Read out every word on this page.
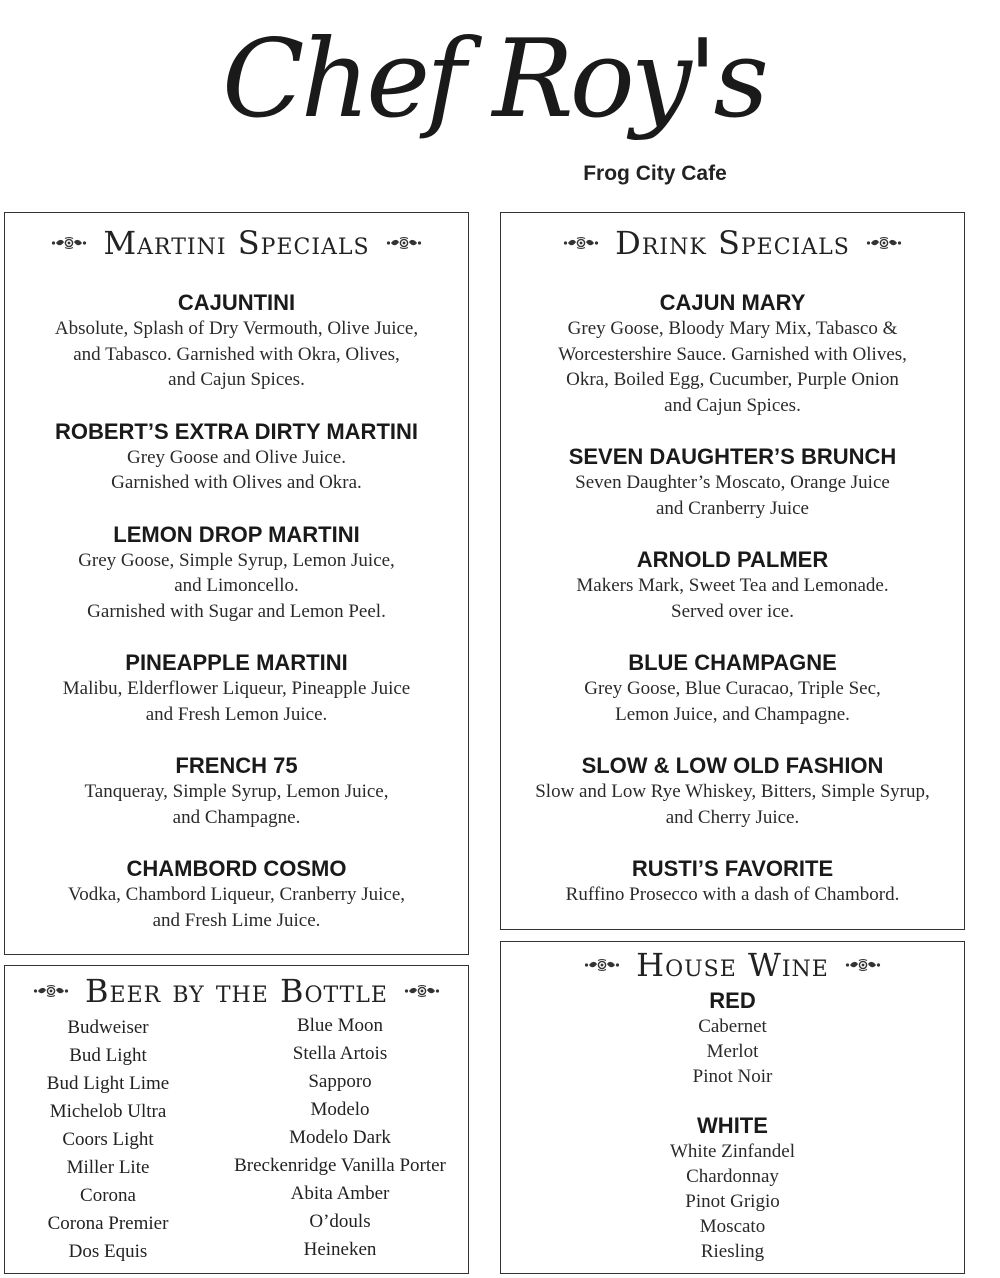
Chef Roy's
Frog City Cafe
Martini Specials
CAJUNTINI
Absolute, Splash of Dry Vermouth, Olive Juice,
and Tabasco. Garnished with Okra, Olives,
and Cajun Spices.
ROBERT’S EXTRA DIRTY MARTINI
Grey Goose and Olive Juice.
Garnished with Olives and Okra.
LEMON DROP MARTINI
Grey Goose, Simple Syrup, Lemon Juice,
and Limoncello.
Garnished with Sugar and Lemon Peel.
PINEAPPLE MARTINI
Malibu, Elderflower Liqueur, Pineapple Juice
and Fresh Lemon Juice.
FRENCH 75
Tanqueray, Simple Syrup, Lemon Juice,
and Champagne.
CHAMBORD COSMO
Vodka, Chambord Liqueur, Cranberry Juice,
and Fresh Lime Juice.
Drink Specials
CAJUN MARY
Grey Goose, Bloody Mary Mix, Tabasco &
Worcestershire Sauce. Garnished with Olives,
Okra, Boiled Egg, Cucumber, Purple Onion
and Cajun Spices.
SEVEN DAUGHTER’S BRUNCH
Seven Daughter’s Moscato, Orange Juice
and Cranberry Juice
ARNOLD PALMER
Makers Mark, Sweet Tea and Lemonade.
Served over ice.
BLUE CHAMPAGNE
Grey Goose, Blue Curacao, Triple Sec,
Lemon Juice, and Champagne.
SLOW & LOW OLD FASHION
Slow and Low Rye Whiskey, Bitters, Simple Syrup,
and Cherry Juice.
RUSTI’S FAVORITE
Ruffino Prosecco with a dash of Chambord.
Beer by the Bottle
Budweiser
Bud Light
Bud Light Lime
Michelob Ultra
Coors Light
Miller Lite
Corona
Corona Premier
Dos Equis
Blue Moon
Stella Artois
Sapporo
Modelo
Modelo Dark
Breckenridge Vanilla Porter
Abita Amber
O’douls
Heineken
House Wine
RED
Cabernet
Merlot
Pinot Noir
WHITE
White Zinfandel
Chardonnay
Pinot Grigio
Moscato
Riesling
